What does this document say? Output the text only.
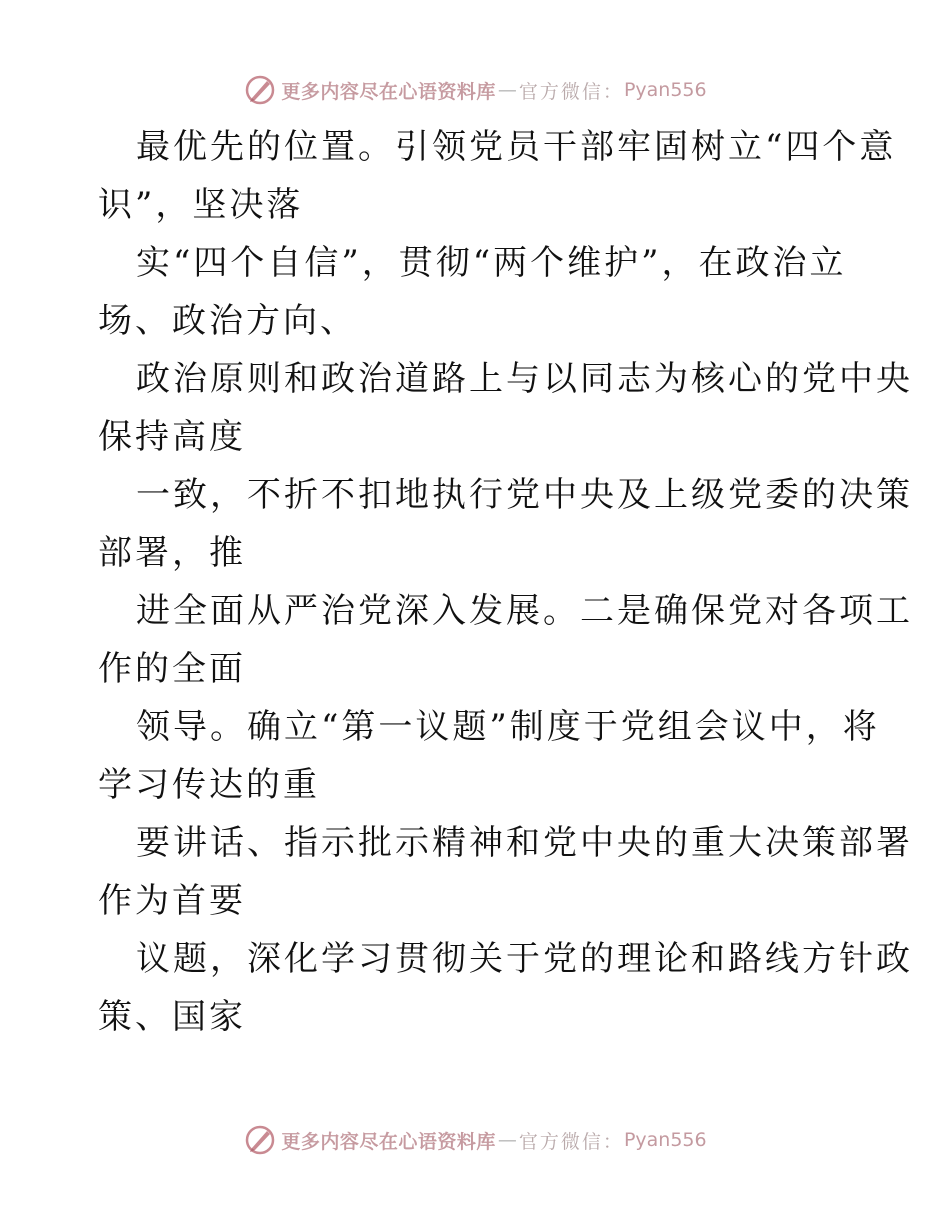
更多内容尽在心语资料库 — 官方微信： Pyan556
最优先的位置。引领党员干部牢固树立“四个意
识”，坚决落
实“四个自信”，贯彻“两个维护”，在政治立
场、政治方向、
政治原则和政治道路上与以同志为核心的党中央
保持高度
一致，不折不扣地执行党中央及上级党委的决策
部署，推
进全面从严治党深入发展。二是确保党对各项工
作的全面
领导。确立“第一议题”制度于党组会议中，将
学习传达的重
要讲话、指示批示精神和党中央的重大决策部署
作为首要
议题，深化学习贯彻关于党的理论和路线方针政
策、国家
更多内容尽在心语资料库 — 官方微信： Pyan556
